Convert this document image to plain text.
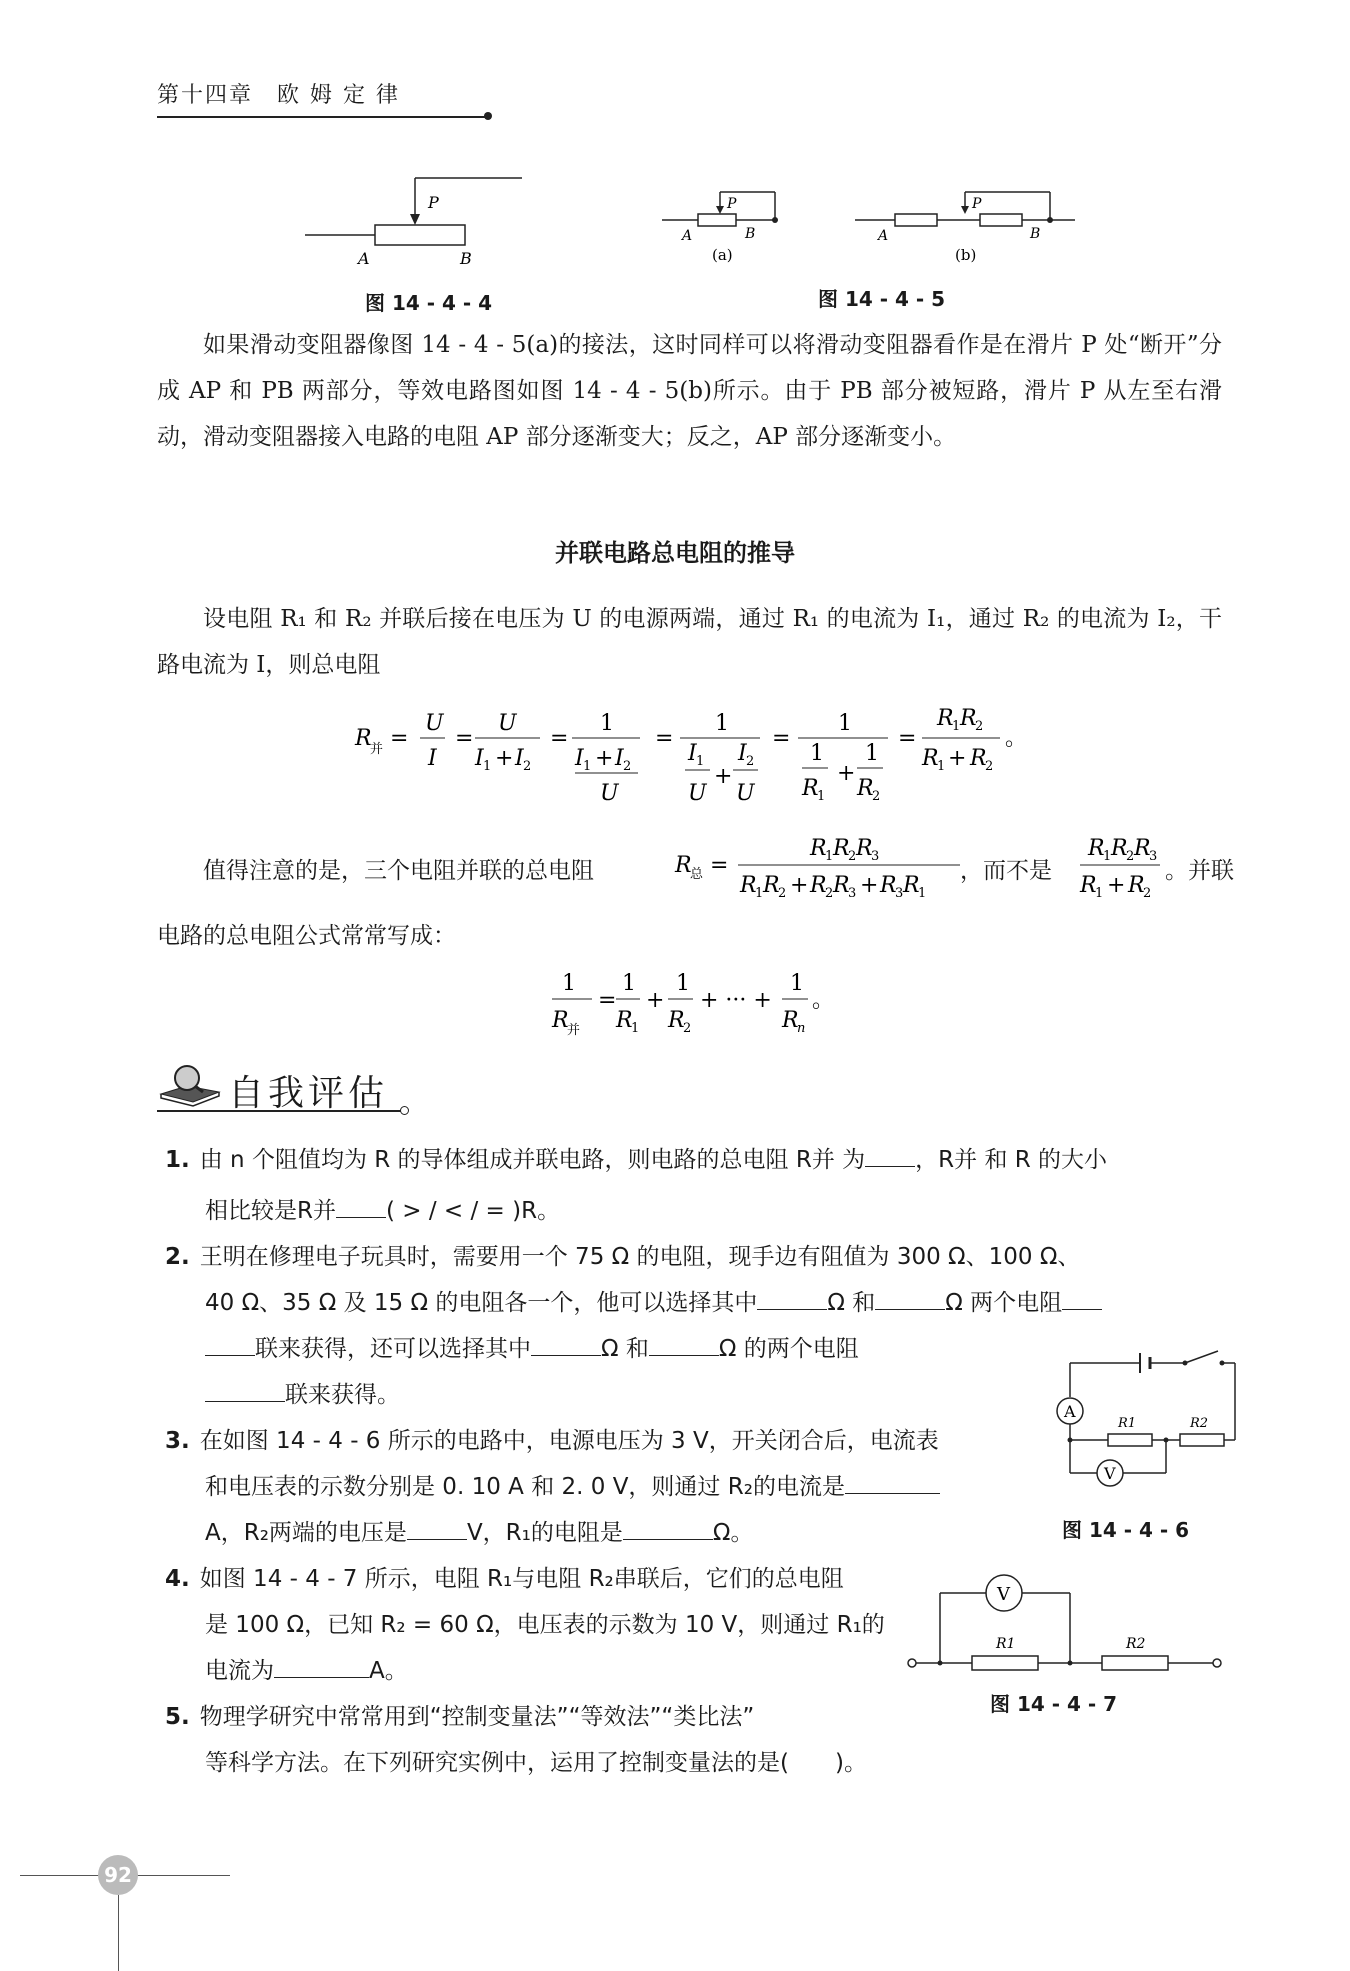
第十四章　欧 姆 定 律
P
A	B
图 14 - 4 - 4
P
A	B
(a)
P
A	B
(b)
图 14 - 4 - 5
如果滑动变阻器像图 14 - 4 - 5(a)的接法，这时同样可以将滑动变阻器看作是在滑片 P 处“断开”分成 AP 和 PB 两部分，等效电路图如图 14 - 4 - 5(b)所示。由于 PB 部分被短路，滑片 P 从左至右滑动，滑动变阻器接入电路的电阻 AP 部分逐渐变大；反之，AP 部分逐渐变小。
并联电路总电阻的推导
设电阻 R₁ 和 R₂ 并联后接在电压为 U 的电源两端，通过 R₁ 的电流为 I₁，通过 R₂ 的电流为 I₂，干路电流为 I，则总电阻
R
并 =
U
I
=
U
I 1 + I 2
=
1
I 1 + I 2
U
=
1
I 1
U
+
I 2
U
=
1
1
R
1
+
1
R
2
=
R
1 R
2
R
1 + R
2
。
值得注意的是，三个电阻并联的总电阻	R
总 =
R
1 R
2 R
3
R
1 R
2 + R
2 R
3 + R
3 R
1
R
1 R
2 R
3
R
1 + R
2
，而不是	。并联
电路的总电阻公式常常写成：
1
R
并
=
1
R
1
+
1
R
2
+ ··· +
1
R
n
。
自我评估
1. 由 n 个阻值均为 R 的导体组成并联电路，则电路的总电阻 R并 为 ，R并 和 R 的大小
相比较是R并 ( > / < / = )R。
2. 王明在修理电子玩具时，需要用一个 75 Ω 的电阻，现手边有阻值为 300 Ω、100 Ω、
40 Ω、35 Ω 及 15 Ω 的电阻各一个，他可以选择其中	Ω 和	Ω 两个电阻
联来获得，还可以选择其中	Ω 和	Ω 的两个电阻
联来获得。
A
R1	R2
V
图 14 - 4 - 6
3. 在如图 14 - 4 - 6 所示的电路中，电源电压为 3 V，开关闭合后，电流表
和电压表的示数分别是 0. 10 A 和 2. 0 V，则通过 R₂的电流是
A，R₂两端的电压是	V，R₁的电阻是	Ω。
V
R1	R2
图 14 - 4 - 7
4. 如图 14 - 4 - 7 所示，电阻 R₁与电阻 R₂串联后，它们的总电阻
是 100 Ω，已知 R₂ = 60 Ω，电压表的示数为 10 V，则通过 R₁的
电流为	A。
5. 物理学研究中常常用到“控制变量法”“等效法”“类比法”
等科学方法。在下列研究实例中，运用了控制变量法的是(　　)。
92
